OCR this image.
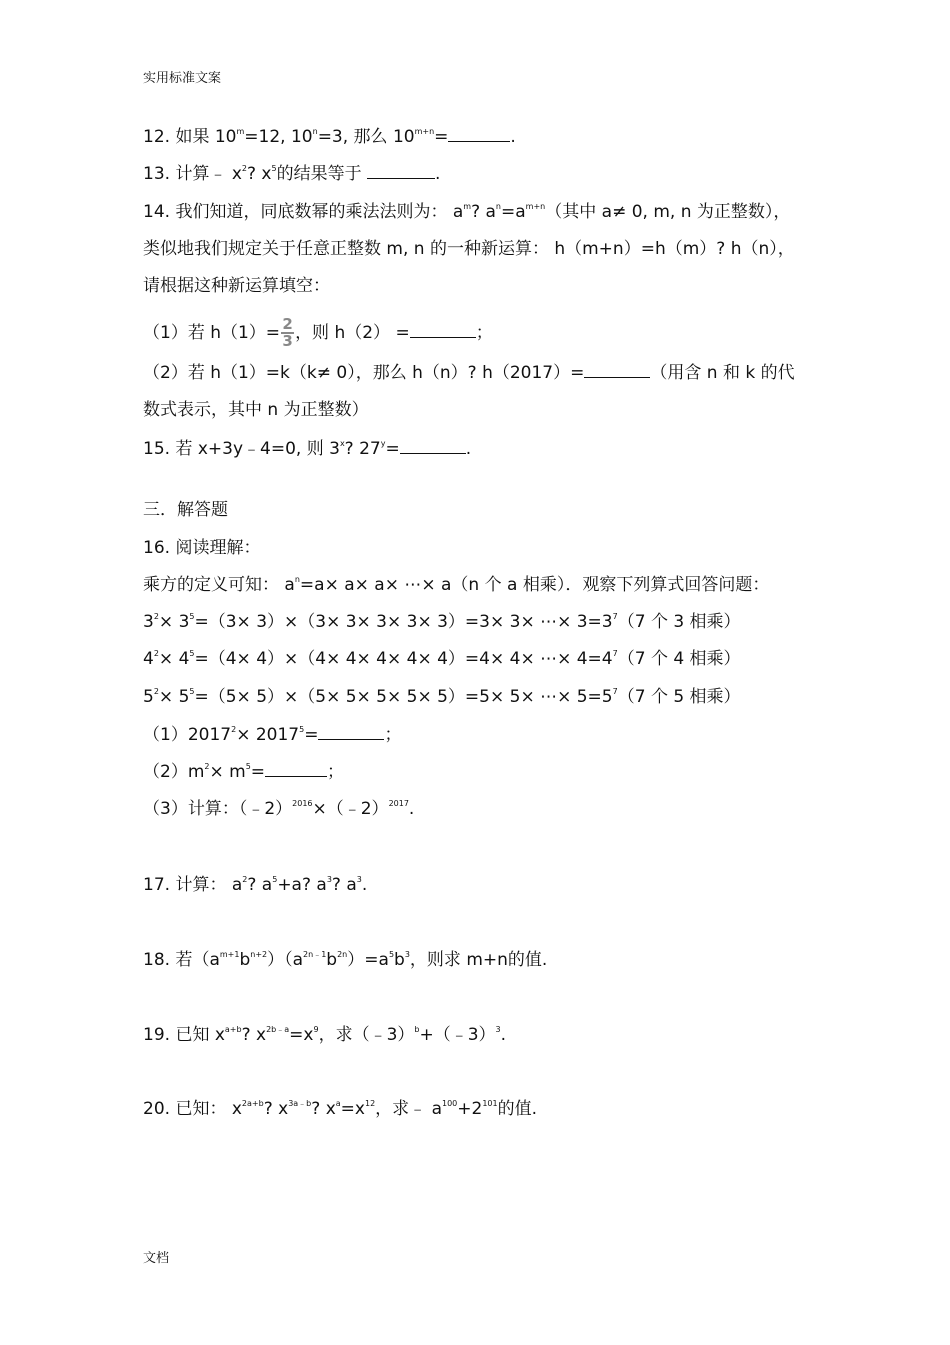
实用标准文案
12. 如果 $10^m=12$, $10^n=3$, 那么 $10^{m+n}=$	.
13. 计算﹣ $x^2$? $x^5$的结果等于	.
14. 我们知道，同底数幂的乘法法则为： $a^m$? $a^n=a^{m+n}$（其中 a≠ 0, m, n 为正整数），
类似地我们规定关于任意正整数 m, n 的一种新运算： h（m+n）=h（m）? h（n），
请根据这种新运算填空：
（1）若 $h(1)= \frac{2}{3}$ ，则 h（2） =	；
（2）若 h（1）=k（k≠ 0），那么 h（n）? h（2017）=	（用含 n 和 k 的代
数式表示，其中 n 为正整数）
15. 若 x+3y﹣4=0, 则 3$^x$? $27^y=$	.
三．解答题
16. 阅读理解：
乘方的定义可知： $a^n=a\times a\times a\times$ ⋯× a（n 个 a 相乘）．观察下列算式回答问题：
$3^2\times 3^5=(3\times 3)\times(3\times 3\times 3\times 3\times 3)=3\times 3\times$ ⋯× $3=3^7(7$ 个 3 相乘）
$4^2\times 4^5=(4\times 4)\times(4\times 4\times 4\times 4\times 4)=4\times 4\times$ ⋯× $4=4^7(7$ 个 4 相乘）
$5^2\times 5^5=(5\times 5)\times(5\times 5\times 5\times 5\times 5)=5\times 5\times$ ⋯× $5=5^7(7$ 个 5 相乘）
$(1)2017^2\times 2017^5=$	；
$(2)m^2\times m^5=$	；
（3）计算：（﹣2）$^{2016}$×（﹣2）$^{2017}$.
17. 计算： $a^2$? $a^5+a$? $a^3$? $a^3$.
18. 若$(a^{m+1}b^{n+2})(a^{2n﹣1}b^{2n})=a^5b^3$，则求 m+n的值.
19. 已知 $x^{a+b}$? $x^{2b﹣a}=x^9$，求（﹣3）$^b$+（﹣3）$^3$.
20. 已知： $x^{2a+b}$? $x^{3a﹣b}$? $x^a=x^{12}$，求﹣ $a^{100}+2^{101}$的值.
文档
